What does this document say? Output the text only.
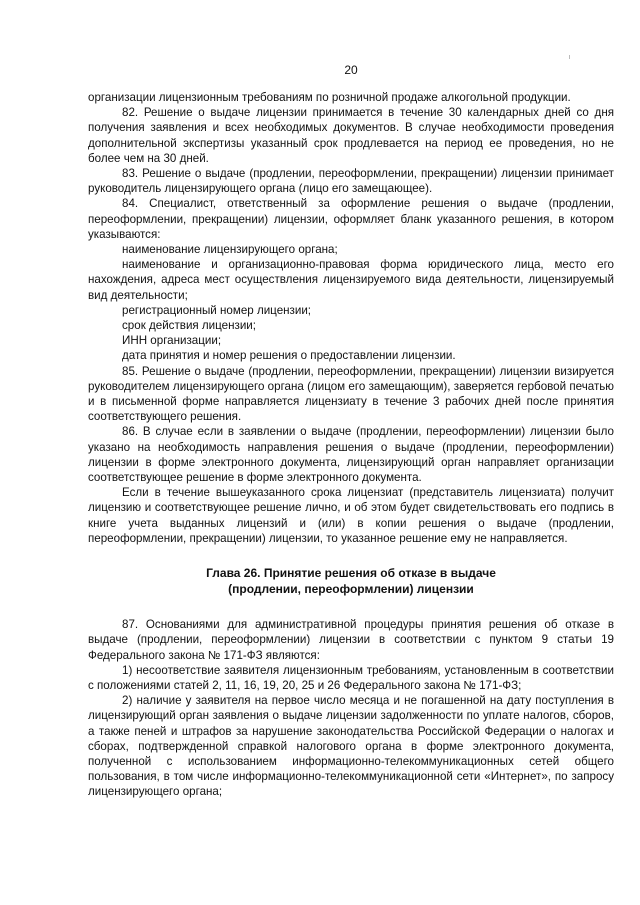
20

организации лицензионным требованиям по розничной продаже алкогольной продукции.

82. Решение о выдаче лицензии принимается в течение 30 календарных дней со дня получения заявления и всех необходимых документов. В случае необходимости проведения дополнительной экспертизы указанный срок продлевается на период ее проведения, но не более чем на 30 дней.

83. Решение о выдаче (продлении, переоформлении, прекращении) лицензии принимает руководитель лицензирующего органа (лицо его замещающее).

84. Специалист, ответственный за оформление решения о выдаче (продлении, переоформлении, прекращении) лицензии, оформляет бланк указанного решения, в котором указываются:

наименование лицензирующего органа;

наименование и организационно-правовая форма юридического лица, место его нахождения, адреса мест осуществления лицензируемого вида деятельности, лицензируемый вид деятельности;

регистрационный номер лицензии;

срок действия лицензии;

ИНН организации;

дата принятия и номер решения о предоставлении лицензии.

85. Решение о выдаче (продлении, переоформлении, прекращении) лицензии визируется руководителем лицензирующего органа (лицом его замещающим), заверяется гербовой печатью и в письменной форме направляется лицензиату в течение 3 рабочих дней после принятия соответствующего решения.

86. В случае если в заявлении о выдаче (продлении, переоформлении) лицензии было указано на необходимость направления решения о выдаче (продлении, переоформлении) лицензии в форме электронного документа, лицензирующий орган направляет организации соответствующее решение в форме электронного документа.

Если в течение вышеуказанного срока лицензиат (представитель лицензиата) получит лицензию и соответствующее решение лично, и об этом будет свидетельствовать его подпись в книге учета выданных лицензий и (или) в копии решения о выдаче (продлении, переоформлении, прекращении) лицензии, то указанное решение ему не направляется.

Глава 26. Принятие решения об отказе в выдаче
(продлении, переоформлении) лицензии

87. Основаниями для административной процедуры принятия решения об отказе в выдаче (продлении, переоформлении) лицензии в соответствии с пунктом 9 статьи 19 Федерального закона № 171-ФЗ являются:

1) несоответствие заявителя лицензионным требованиям, установленным в соответствии с положениями статей 2, 11, 16, 19, 20, 25 и 26 Федерального закона № 171-ФЗ;

2) наличие у заявителя на первое число месяца и не погашенной на дату поступления в лицензирующий орган заявления о выдаче лицензии задолженности по уплате налогов, сборов, а также пеней и штрафов за нарушение законодательства Российской Федерации о налогах и сборах, подтвержденной справкой налогового органа в форме электронного документа, полученной с использованием информационно-телекоммуникационных сетей общего пользования, в том числе информационно-телекоммуникационной сети «Интернет», по запросу лицензирующего органа;
